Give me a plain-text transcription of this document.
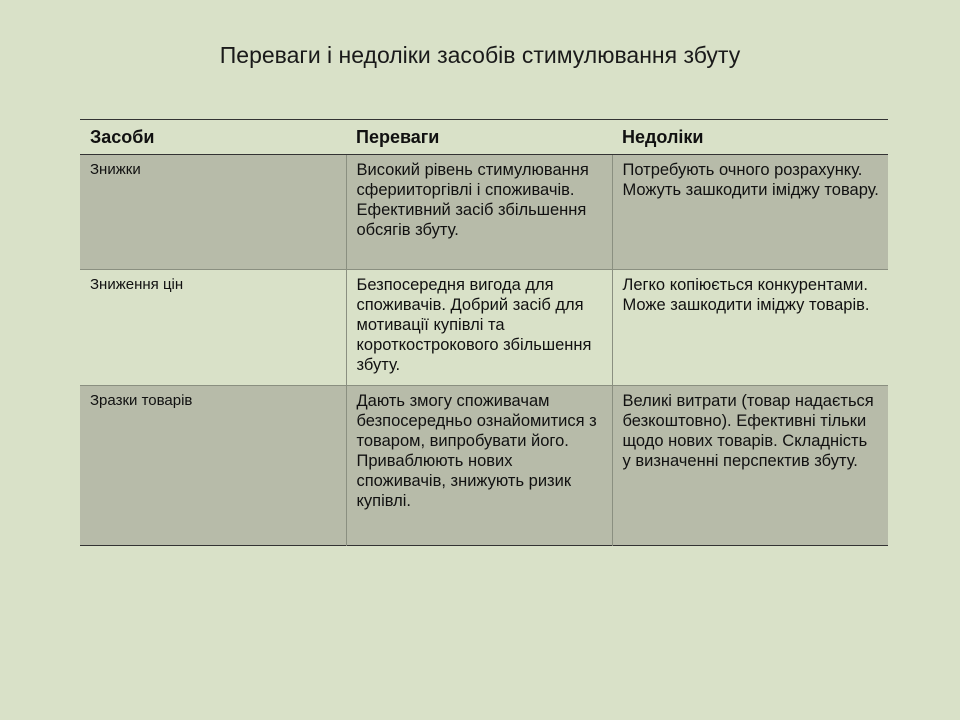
Переваги і недоліки засобів стимулювання збуту
Засоби	Переваги	Недоліки
Знижки	Високий рівень стимулювання сферииторгівлі і споживачів. Ефективний засіб збільшення обсягів збуту.	Потребують очного розрахунку. Можуть зашкодити іміджу товару.
Зниження цін	Безпосередня вигода для споживачів. Добрий засіб для мотивації купівлі та короткострокового збільшення збуту.	Легко копіюється конкурентами. Може зашкодити іміджу товарів.
Зразки товарів	Дають змогу споживачам безпосередньо ознайомитися з товаром, випробувати його. Приваблюють нових споживачів, знижують ризик купівлі.	Великі витрати (товар надається безкоштовно). Ефективні тільки щодо нових товарів. Складність у визначенні перспектив збуту.
